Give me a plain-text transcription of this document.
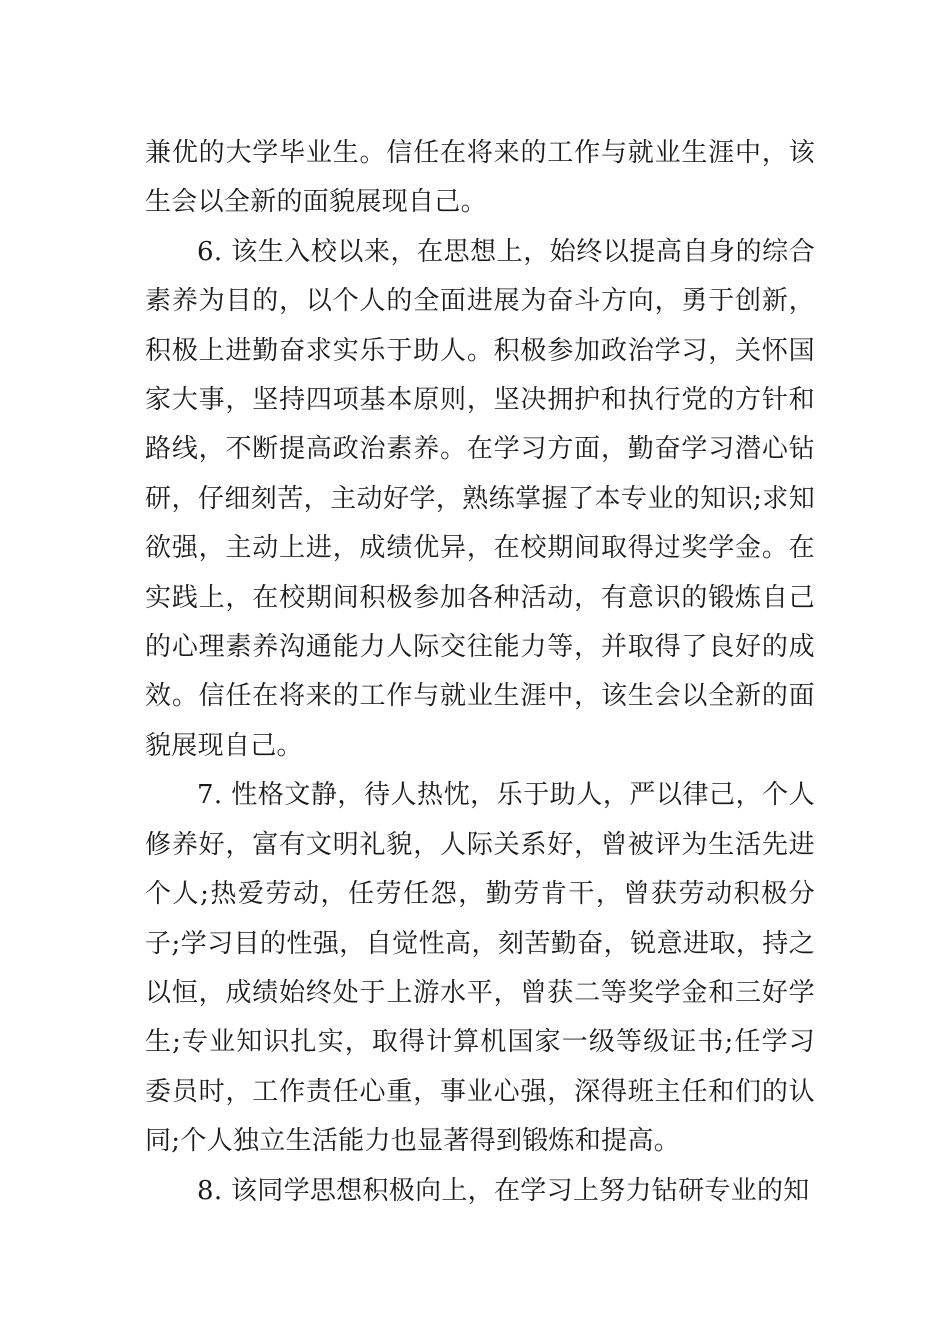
兼优的大学毕业生。信任在将来的工作与就业生涯中，该生会以全新的面貌展现自己。

6. 该生入校以来，在思想上，始终以提高自身的综合素养为目的，以个人的全面进展为奋斗方向，勇于创新，积极上进勤奋求实乐于助人。积极参加政治学习，关怀国家大事，坚持四项基本原则，坚决拥护和执行党的方针和路线，不断提高政治素养。在学习方面，勤奋学习潜心钻研，仔细刻苦，主动好学，熟练掌握了本专业的知识;求知欲强，主动上进，成绩优异，在校期间取得过奖学金。在实践上，在校期间积极参加各种活动，有意识的锻炼自己的心理素养沟通能力人际交往能力等，并取得了良好的成效。信任在将来的工作与就业生涯中，该生会以全新的面貌展现自己。

7. 性格文静，待人热忱，乐于助人，严以律己，个人修养好，富有文明礼貌，人际关系好，曾被评为生活先进个人;热爱劳动，任劳任怨，勤劳肯干，曾获劳动积极分子;学习目的性强，自觉性高，刻苦勤奋，锐意进取，持之以恒，成绩始终处于上游水平，曾获二等奖学金和三好学生;专业知识扎实，取得计算机国家一级等级证书;任学习委员时，工作责任心重，事业心强，深得班主任和们的认同;个人独立生活能力也显著得到锻炼和提高。

8. 该同学思想积极向上，在学习上努力钻研专业的知
